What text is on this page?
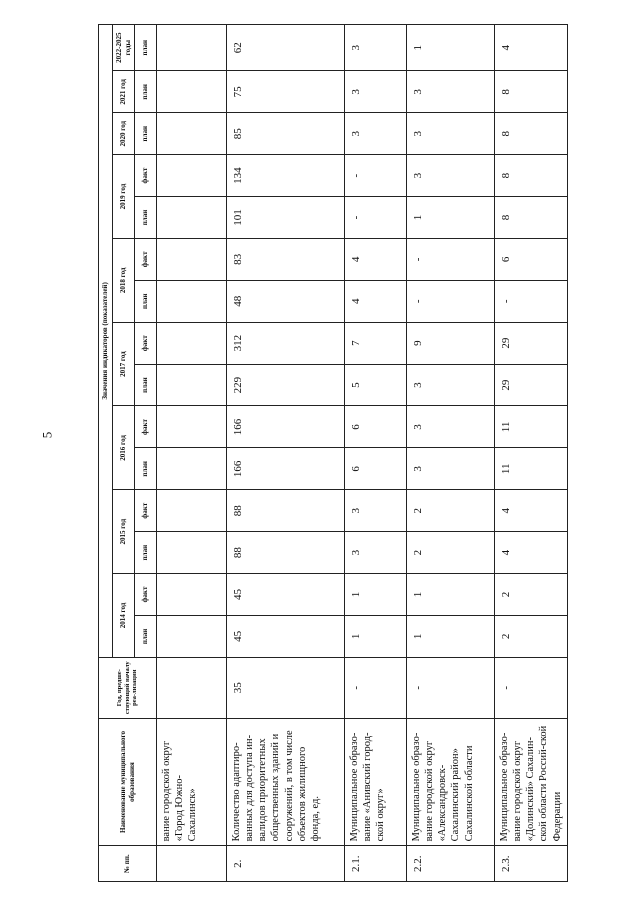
5
№ пп.	Наименование муниципального образования	Год, предше-ствующий началу реа-лизации	Значения индикаторов (показателей)														
			2014 год		2015 год		2016 год		2017 год		2018 год		2019 год		2020 год	2021 год	2022-2025 годы
			план	факт	план	факт	план	факт	план	факт	план	факт	план	факт	план	план	план
	вание городской округ «Город Южно-Сахалинск»																
2.	Количество адаптиро-ванных для доступа ин-валидов приоритетных общественных зданий и сооружений, в том числе объектов жилищного фонда, ед.	35	45	45	88	88	166	166	229	312	48	83	101	134	85	75	62
2.1.	Муниципальное образо-вание «Анивский город-ской округ»	-	1	1	3	3	6	6	5	7	4	4	-	-	3	3	3
2.2.	Муниципальное образо-вание городской округ «Александровск-Сахалинский район» Сахалинской области	-	1	1	2	2	3	3	3	9	-	-	1	3	3	3	1
2.3.	Муниципальное образо-вание городской округ «Долинский» Сахалин-ской области Россий-ской Федерации	-	2	2	4	4	11	11	29	29	-	6	8	8	8	8	4
